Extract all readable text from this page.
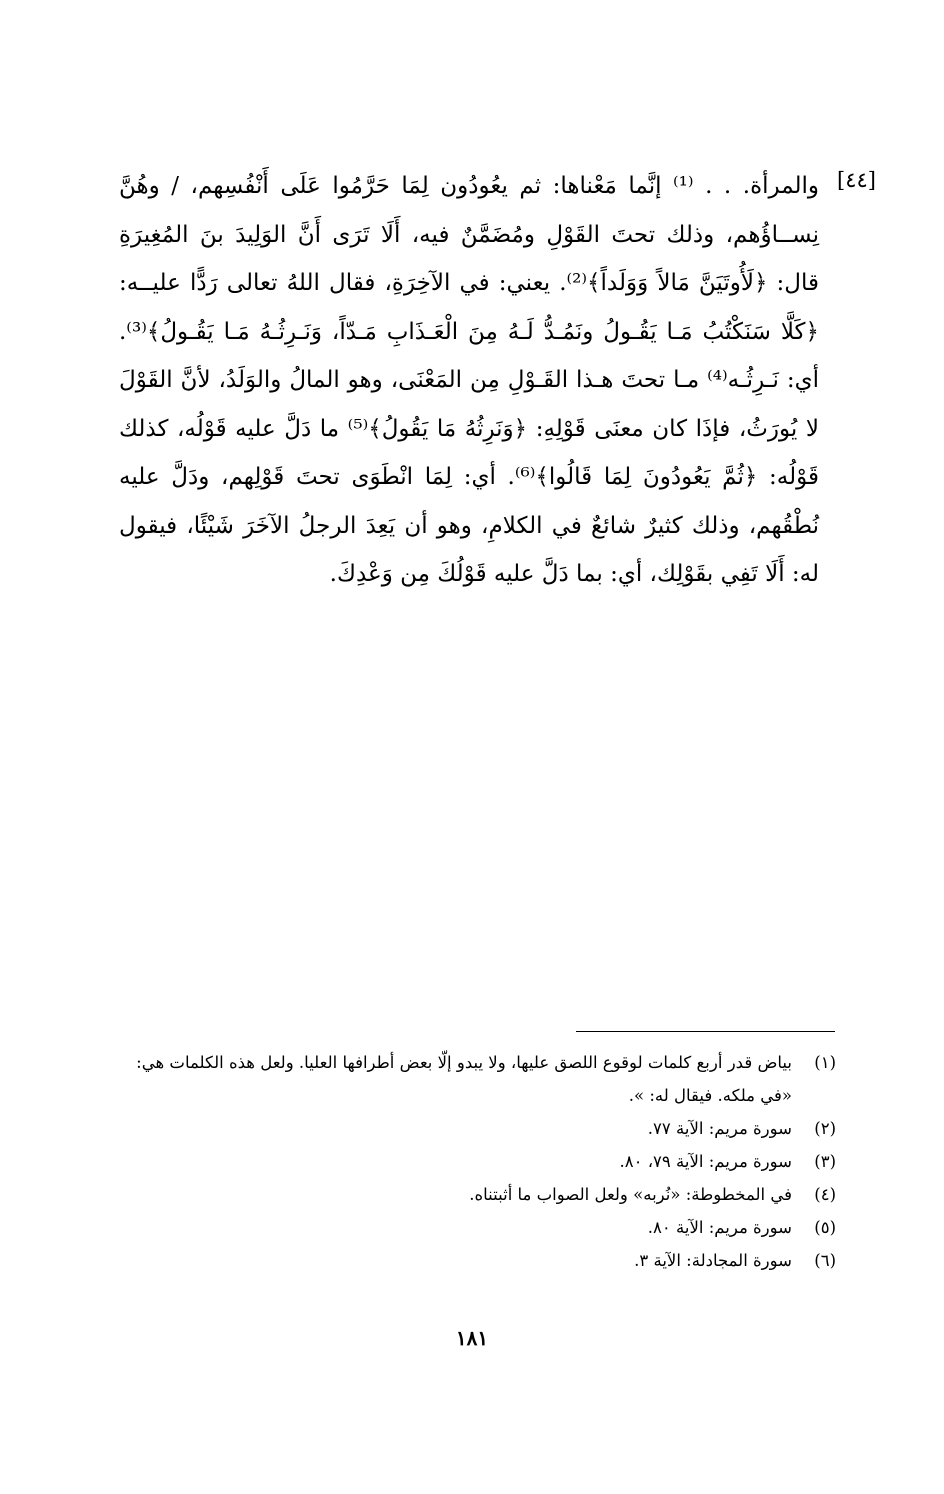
[٤٤]

والمرأة. . . ⁽¹⁾ إنَّما مَعْناها: ثم يعُودُون لِمَا حَرَّمُوا عَلَى أَنْفُسِهم، / وهُنَّ نِســاؤُهم، وذلك تحتَ القَوْلِ ومُضَمَّنٌ فيه، أَلَا تَرَى أَنَّ الوَلِيدَ بنَ المُغِيرَةِ قال: ﴿لَأُوتَيَنَّ مَالاً وَوَلَداً﴾⁽²⁾. يعني: في الآخِرَةِ، فقال اللهُ تعالى رَدًّا عليــه: ﴿كَلَّا سَنَكْتُبُ مَـا يَقُـولُ ونَمُـدُّ لَـهُ مِنَ الْعَـذَابِ مَـدّاً، وَنَـرِثُـهُ مَـا يَقُـولُ﴾⁽³⁾. أي: نَـرِثُـه⁽⁴⁾ مـا تحتَ هـذا القَـوْلِ مِن المَعْنَى، وهو المالُ والوَلَدُ، لأنَّ القَوْلَ لا يُورَثُ، فإذَا كان معنَى قَوْلِهِ: ﴿وَنَرِثُهُ مَا يَقُولُ﴾⁽⁵⁾ ما دَلَّ عليه قَوْلُه، كذلك قَوْلُه: ﴿ثُمَّ يَعُودُونَ لِمَا قَالُوا﴾⁽⁶⁾. أي: لِمَا انْطَوَى تحتَ قَوْلِهم، ودَلَّ عليه نُطْقُهم، وذلك كثيرٌ شائعٌ في الكلامِ، وهو أن يَعِدَ الرجلُ الآخَرَ شَيْئًا، فيقول له: أَلَا تَفِي بقَوْلِك، أي: بما دَلَّ عليه قَوْلُكَ مِن وَعْدِكَ.

(١)
بياض قدر أربع كلمات لوقوع اللصق عليها، ولا يبدو إلّا بعض أطرافها العليا. ولعل هذه الكلمات هي: «في ملكه. فيقال له: ».
(٢)
سورة مريم: الآية ٧٧.
(٣)
سورة مريم: الآية ٧٩، ٨٠.
(٤)
في المخطوطة: «نُربه» ولعل الصواب ما أثبتناه.
(٥)
سورة مريم: الآية ٨٠.
(٦)
سورة المجادلة: الآية ٣.
١٨١
